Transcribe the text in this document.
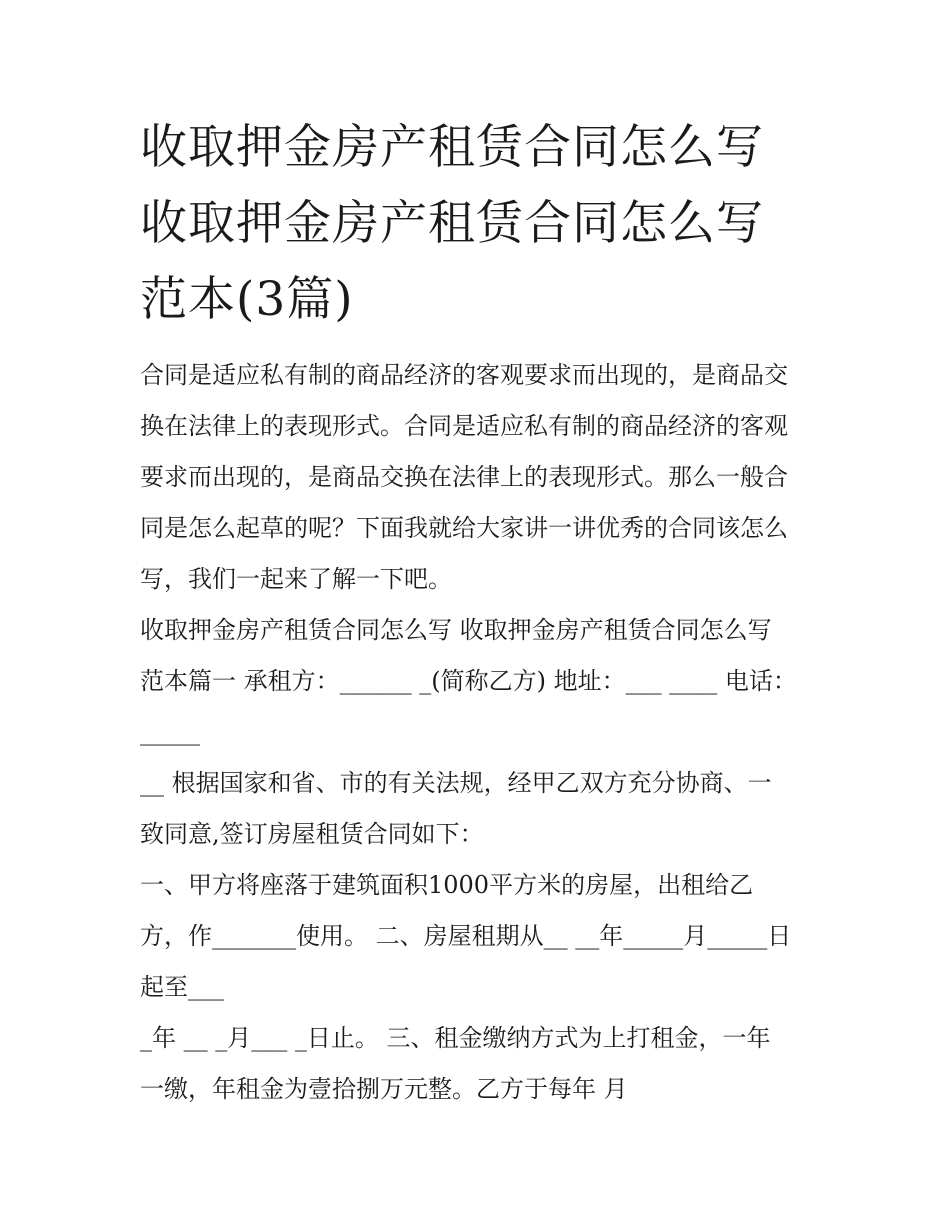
收取押金房产租赁合同怎么写
收取押金房产租赁合同怎么写
范本(3篇)

合同是适应私有制的商品经济的客观要求而出现的，是商品交
换在法律上的表现形式。合同是适应私有制的商品经济的客观
要求而出现的，是商品交换在法律上的表现形式。那么一般合
同是怎么起草的呢？下面我就给大家讲一讲优秀的合同该怎么
写，我们一起来了解一下吧。

收取押金房产租赁合同怎么写 收取押金房产租赁合同怎么写
范本篇一 承租方：______ _(简称乙方) 地址：___ ____ 电话：
_____

__ 根据国家和省、市的有关法规，经甲乙双方充分协商、一
致同意,签订房屋租赁合同如下：

一、甲方将座落于建筑面积1000平方米的房屋，出租给乙
方，作_______使用。 二、房屋租期从__ __年_____月_____日
起至___

_年 __ _月___ _日止。 三、租金缴纳方式为上打租金，一年
一缴，年租金为壹拾捌万元整。乙方于每年 月
